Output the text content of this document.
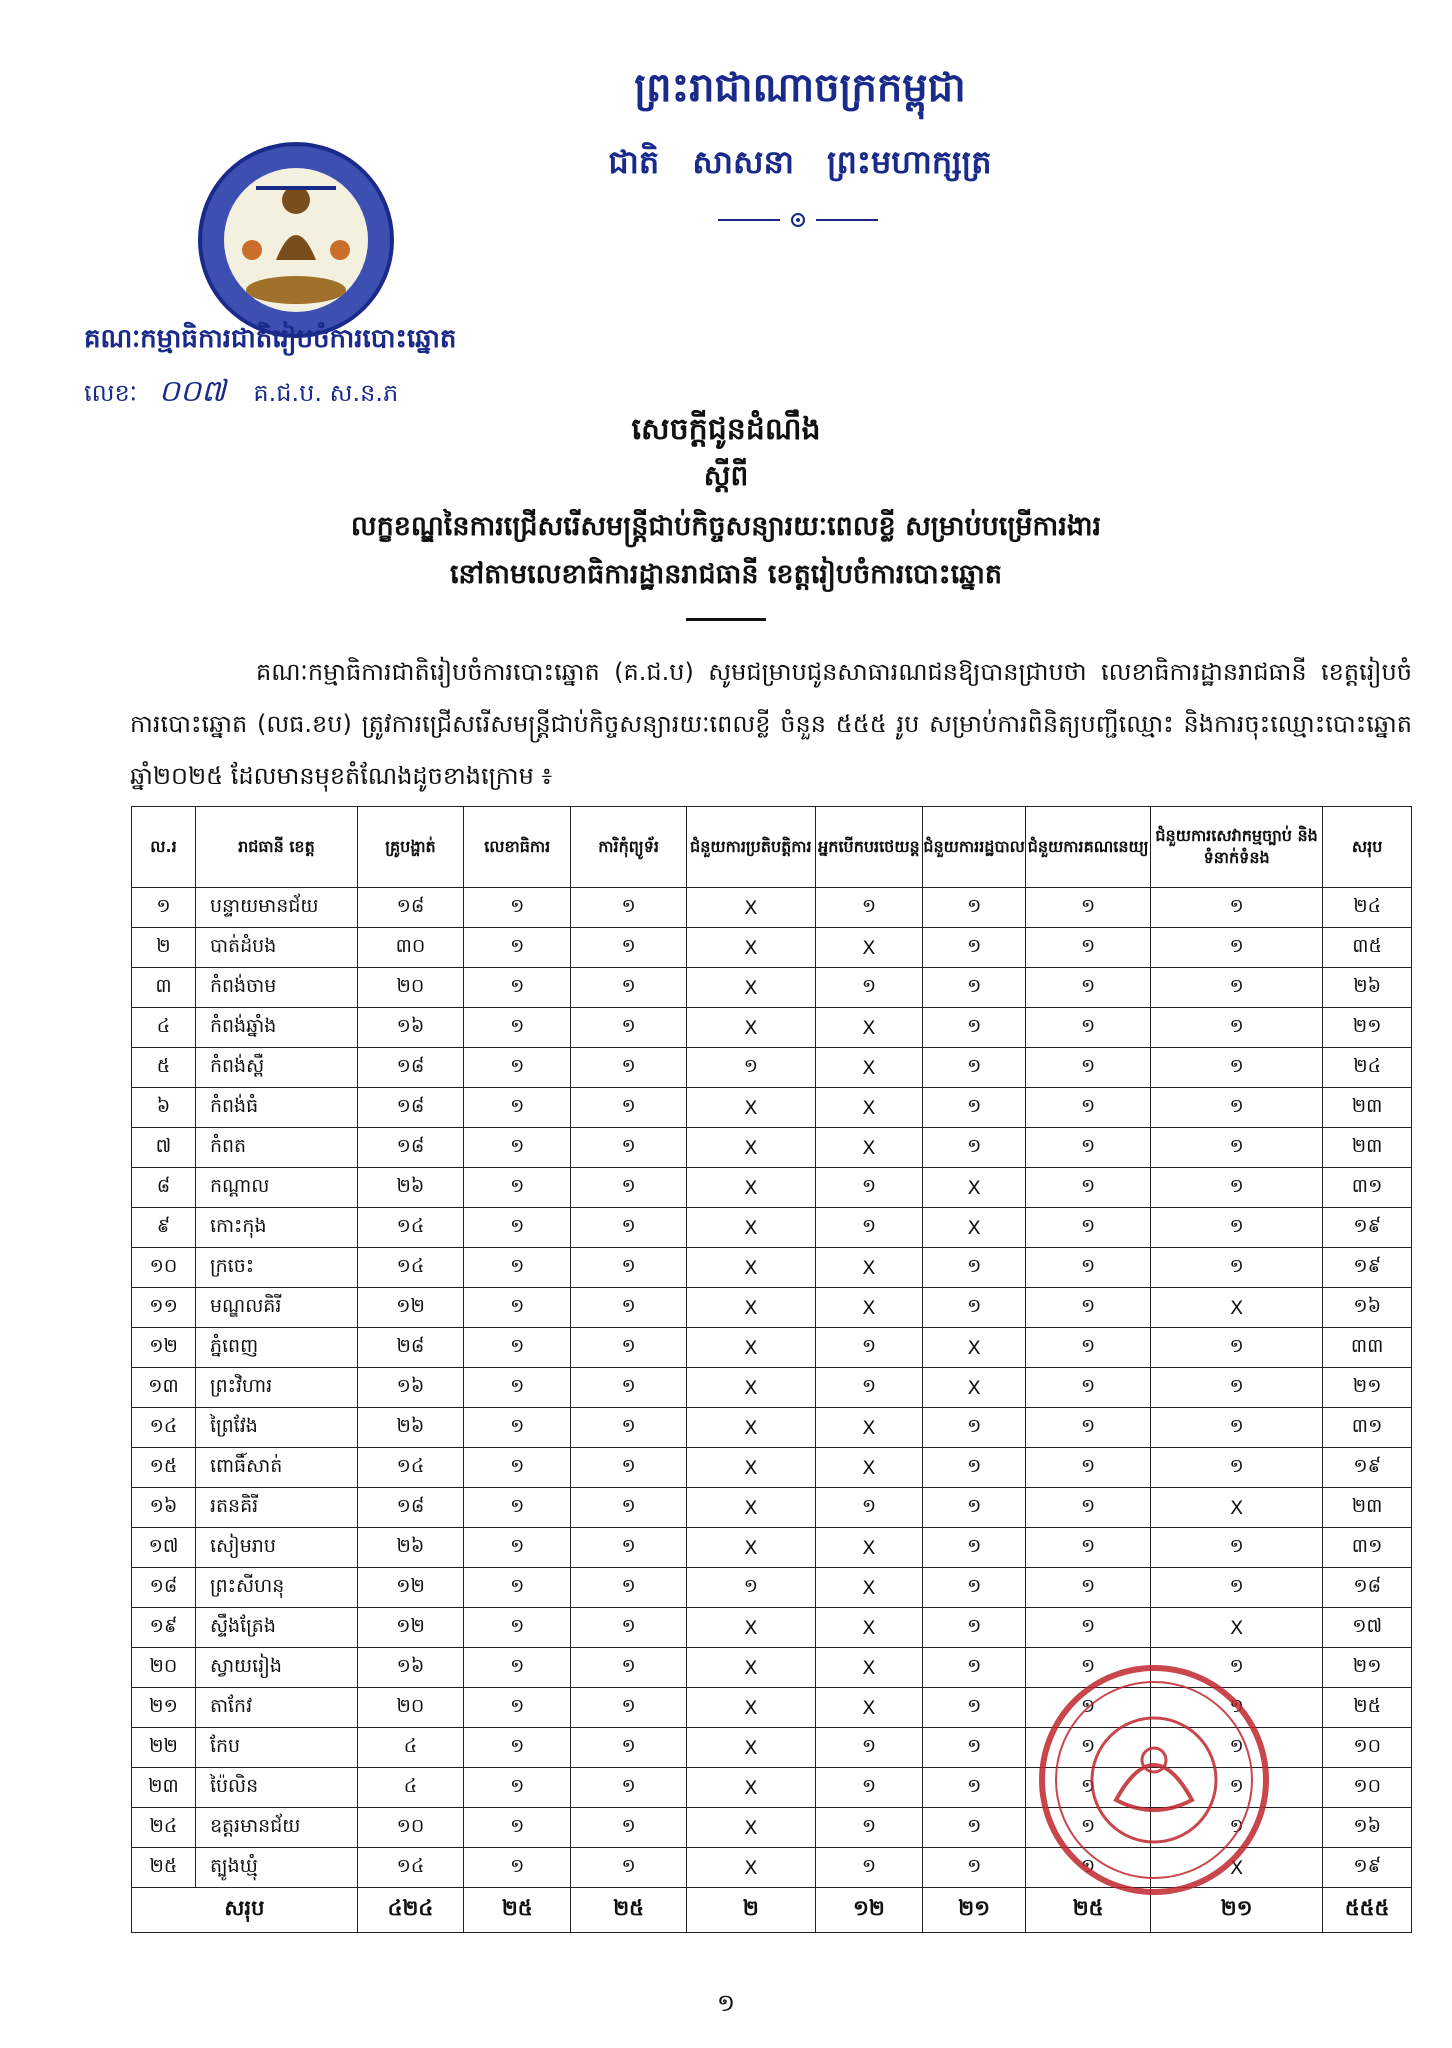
ព្រះរាជាណាចក្រកម្ពុជា
ជាតិ សាសនា ព្រះមហាក្សត្រ
គណៈកម្មាធិការជាតិរៀបចំការបោះឆ្នោត
លេខៈ ០០៧ គ.ជ.ប. ស.ន.ភ
សេចក្តីជូនដំណឹង
ស្តីពី
លក្ខខណ្ឌនៃការជ្រើសរើសមន្ត្រីជាប់កិច្ចសន្យារយៈពេលខ្លី សម្រាប់បម្រើការងារ
នៅតាមលេខាធិការដ្ឋានរាជធានី ខេត្តរៀបចំការបោះឆ្នោត
គណៈកម្មាធិការជាតិរៀបចំការបោះឆ្នោត (គ.ជ.ប) សូមជម្រាបជូនសាធារណជនឱ្យបានជ្រាបថា លេខាធិការដ្ឋានរាជធានី ខេត្តរៀបចំការបោះឆ្នោត (លធ.ខប) ត្រូវការជ្រើសរើសមន្ត្រីជាប់កិច្ចសន្យារយៈពេលខ្លី ចំនួន ៥៥៥ រូប សម្រាប់ការពិនិត្យបញ្ជីឈ្មោះ និងការចុះឈ្មោះបោះឆ្នោត ឆ្នាំ២០២៥ ដែលមានមុខតំណែងដូចខាងក្រោម ៖
ល.រ	រាជធានី ខេត្ត	គ្រូបង្ហាត់	លេខាធិការ	ការិកុំព្យូទ័រ	ជំនួយការប្រតិបត្តិការ	អ្នកបើកបរថេយន្ត	ជំនួយការរដ្ឋបាល	ជំនួយការគណនេយ្យ	ជំនួយការសេវាកម្មច្បាប់ និងទំនាក់ទំនង	សរុប
១	បន្ទាយមានជ័យ	១៨	១	១	X	១	១	១	១	២៤
២	បាត់ដំបង	៣០	១	១	X	X	១	១	១	៣៥
៣	កំពង់ចាម	២០	១	១	X	១	១	១	១	២៦
៤	កំពង់ឆ្នាំង	១៦	១	១	X	X	១	១	១	២១
៥	កំពង់ស្ពឺ	១៨	១	១	១	X	១	១	១	២៤
៦	កំពង់ធំ	១៨	១	១	X	X	១	១	១	២៣
៧	កំពត	១៨	១	១	X	X	១	១	១	២៣
៨	កណ្តាល	២៦	១	១	X	១	X	១	១	៣១
៩	កោះកុង	១៤	១	១	X	១	X	១	១	១៩
១០	ក្រចេះ	១៤	១	១	X	X	១	១	១	១៩
១១	មណ្ឌលគិរី	១២	១	១	X	X	១	១	X	១៦
១២	ភ្នំពេញ	២៨	១	១	X	១	X	១	១	៣៣
១៣	ព្រះវិហារ	១៦	១	១	X	១	X	១	១	២១
១៤	ព្រៃវែង	២៦	១	១	X	X	១	១	១	៣១
១៥	ពោធិ៍សាត់	១៤	១	១	X	X	១	១	១	១៩
១៦	រតនគិរី	១៨	១	១	X	១	១	១	X	២៣
១៧	សៀមរាប	២៦	១	១	X	X	១	១	១	៣១
១៨	ព្រះសីហនុ	១២	១	១	១	X	១	១	១	១៨
១៩	ស្ទឹងត្រែង	១២	១	១	X	X	១	១	X	១៧
២០	ស្វាយរៀង	១៦	១	១	X	X	១	១	១	២១
២១	តាកែវ	២០	១	១	X	X	១	១	១	២៥
២២	កែប	៤	១	១	X	១	១	១	១	១០
២៣	ប៉ៃលិន	៤	១	១	X	១	១	១	១	១០
២៤	ឧត្តរមានជ័យ	១០	១	១	X	១	១	១	១	១៦
២៥	ត្បូងឃ្មុំ	១៤	១	១	X	១	១	១	X	១៩
សរុប		៤២៤	២៥	២៥	២	១២	២១	២៥	២១	៥៥៥
១
